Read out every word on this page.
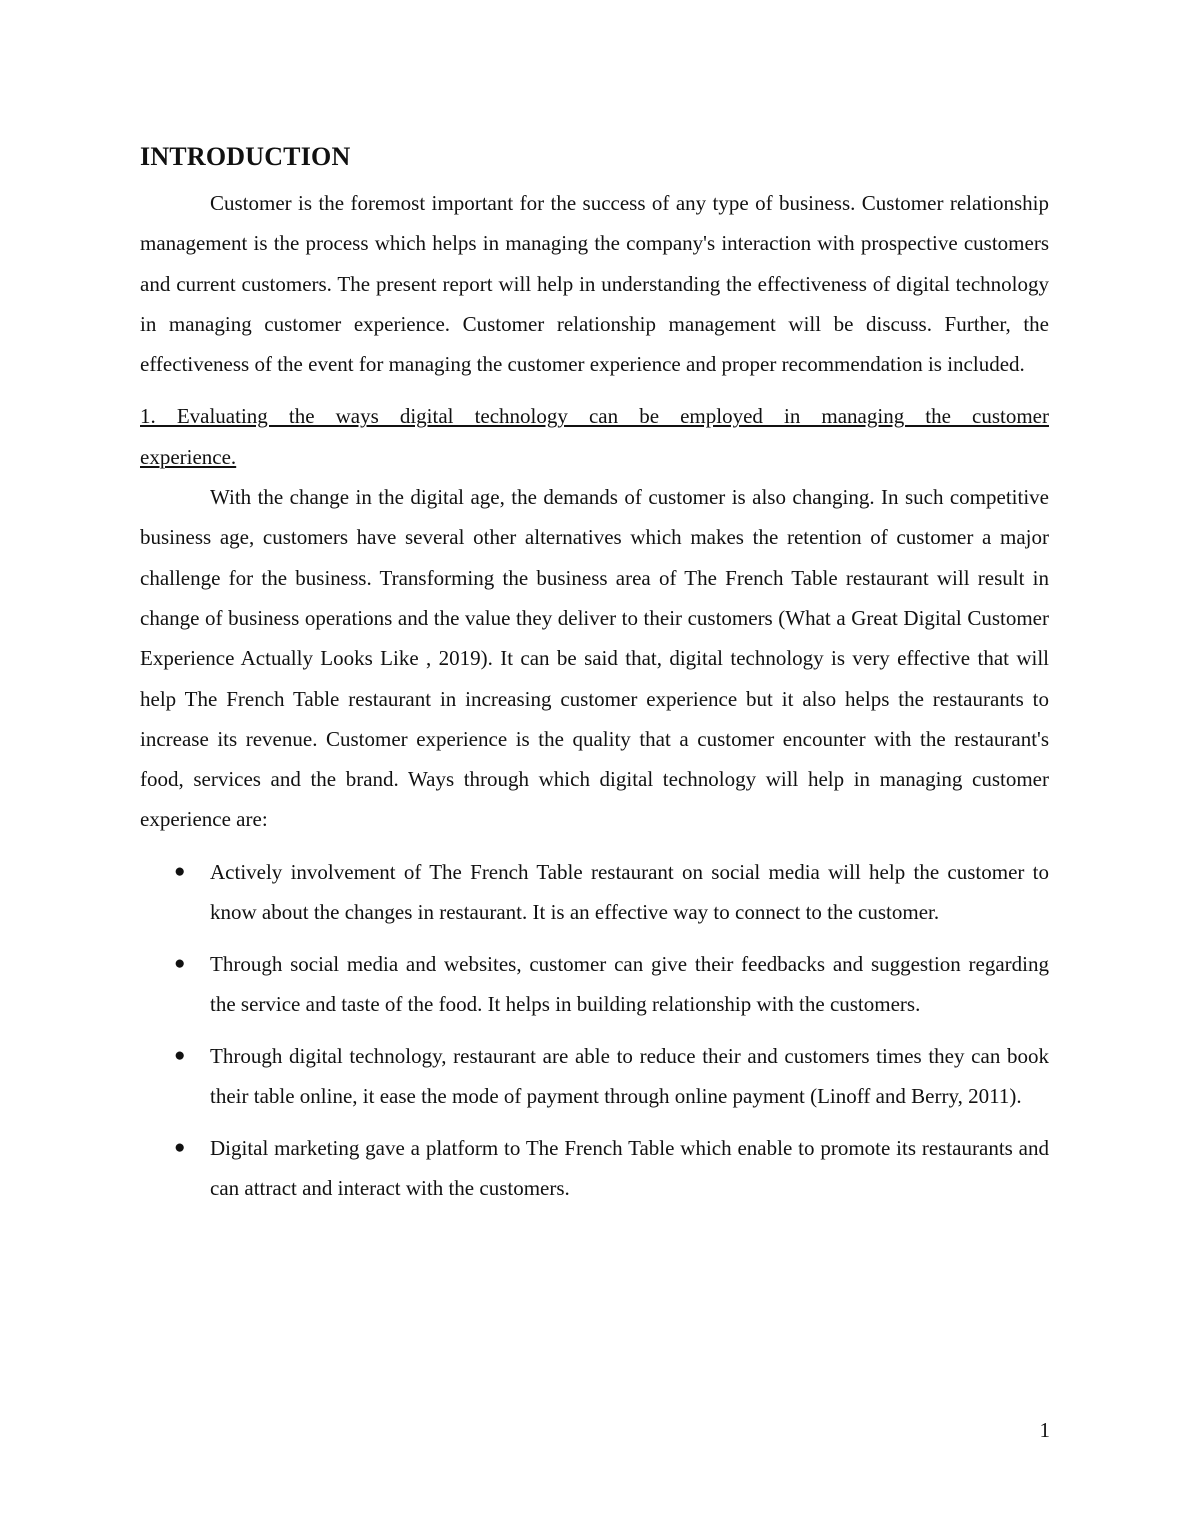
INTRODUCTION

Customer is the foremost important for the success of any type of business. Customer relationship management is the process which helps in managing the company's interaction with prospective customers and current customers. The present report will help in understanding the effectiveness of digital technology in managing customer experience. Customer relationship management will be discuss. Further, the effectiveness of the event for managing the customer experience and proper recommendation is included.

1. Evaluating the ways digital technology can be employed in managing the customer
experience.

With the change in the digital age, the demands of customer is also changing. In such competitive business age, customers have several other alternatives which makes the retention of customer a major challenge for the business. Transforming the business area of The French Table restaurant will result in change of business operations and the value they deliver to their customers (What a Great Digital Customer Experience Actually Looks Like , 2019). It can be said that, digital technology is very effective that will help The French Table restaurant in increasing customer experience but it also helps the restaurants to increase its revenue. Customer experience is the quality that a customer encounter with the restaurant's food, services and the brand. Ways through which digital technology will help in managing customer experience are:

● Actively involvement of The French Table restaurant on social media will help the customer to know about the changes in restaurant. It is an effective way to connect to the customer.
● Through social media and websites, customer can give their feedbacks and suggestion regarding the service and taste of the food. It helps in building relationship with the customers.
● Through digital technology, restaurant are able to reduce their and customers times they can book their table online, it ease the mode of payment through online payment (Linoff and Berry, 2011).
● Digital marketing gave a platform to The French Table which enable to promote its restaurants and can attract and interact with the customers.
1
